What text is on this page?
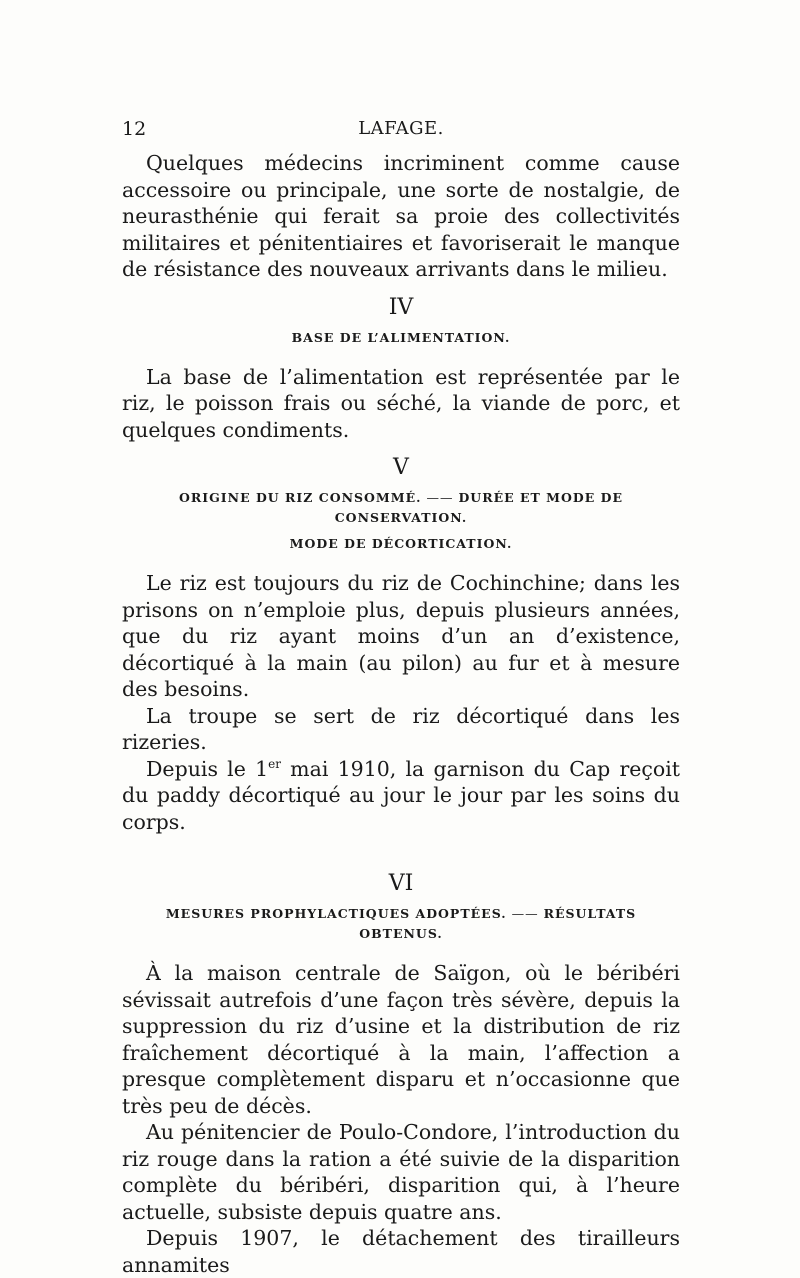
12	LAFAGE.

Quelques médecins incriminent comme cause accessoire ou principale, une sorte de nostalgie, de neurasthénie qui ferait sa proie des collectivités militaires et pénitentiaires et favoriserait le manque de résistance des nouveaux arrivants dans le milieu.

IV
BASE DE L’ALIMENTATION.

La base de l’alimentation est représentée par le riz, le poisson frais ou séché, la viande de porc, et quelques condiments.

V
ORIGINE DU RIZ CONSOMMÉ. —— DURÉE ET MODE DE CONSERVATION.
MODE DE DÉCORTICATION.

Le riz est toujours du riz de Cochinchine; dans les prisons on n’emploie plus, depuis plusieurs années, que du riz ayant moins d’un an d’existence, décortiqué à la main (au pilon) au fur et à mesure des besoins.

La troupe se sert de riz décortiqué dans les rizeries.

Depuis le 1er mai 1910, la garnison du Cap reçoit du paddy décortiqué au jour le jour par les soins du corps.

VI
MESURES PROPHYLACTIQUES ADOPTÉES. —— RÉSULTATS OBTENUS.

À la maison centrale de Saïgon, où le béribéri sévissait autrefois d’une façon très sévère, depuis la suppression du riz d’usine et la distribution de riz fraîchement décortiqué à la main, l’affection a presque complètement disparu et n’occasionne que très peu de décès.

Au pénitencier de Poulo-Condore, l’introduction du riz rouge dans la ration a été suivie de la disparition complète du béribéri, disparition qui, à l’heure actuelle, subsiste depuis quatre ans.

Depuis 1907, le détachement des tirailleurs annamites
